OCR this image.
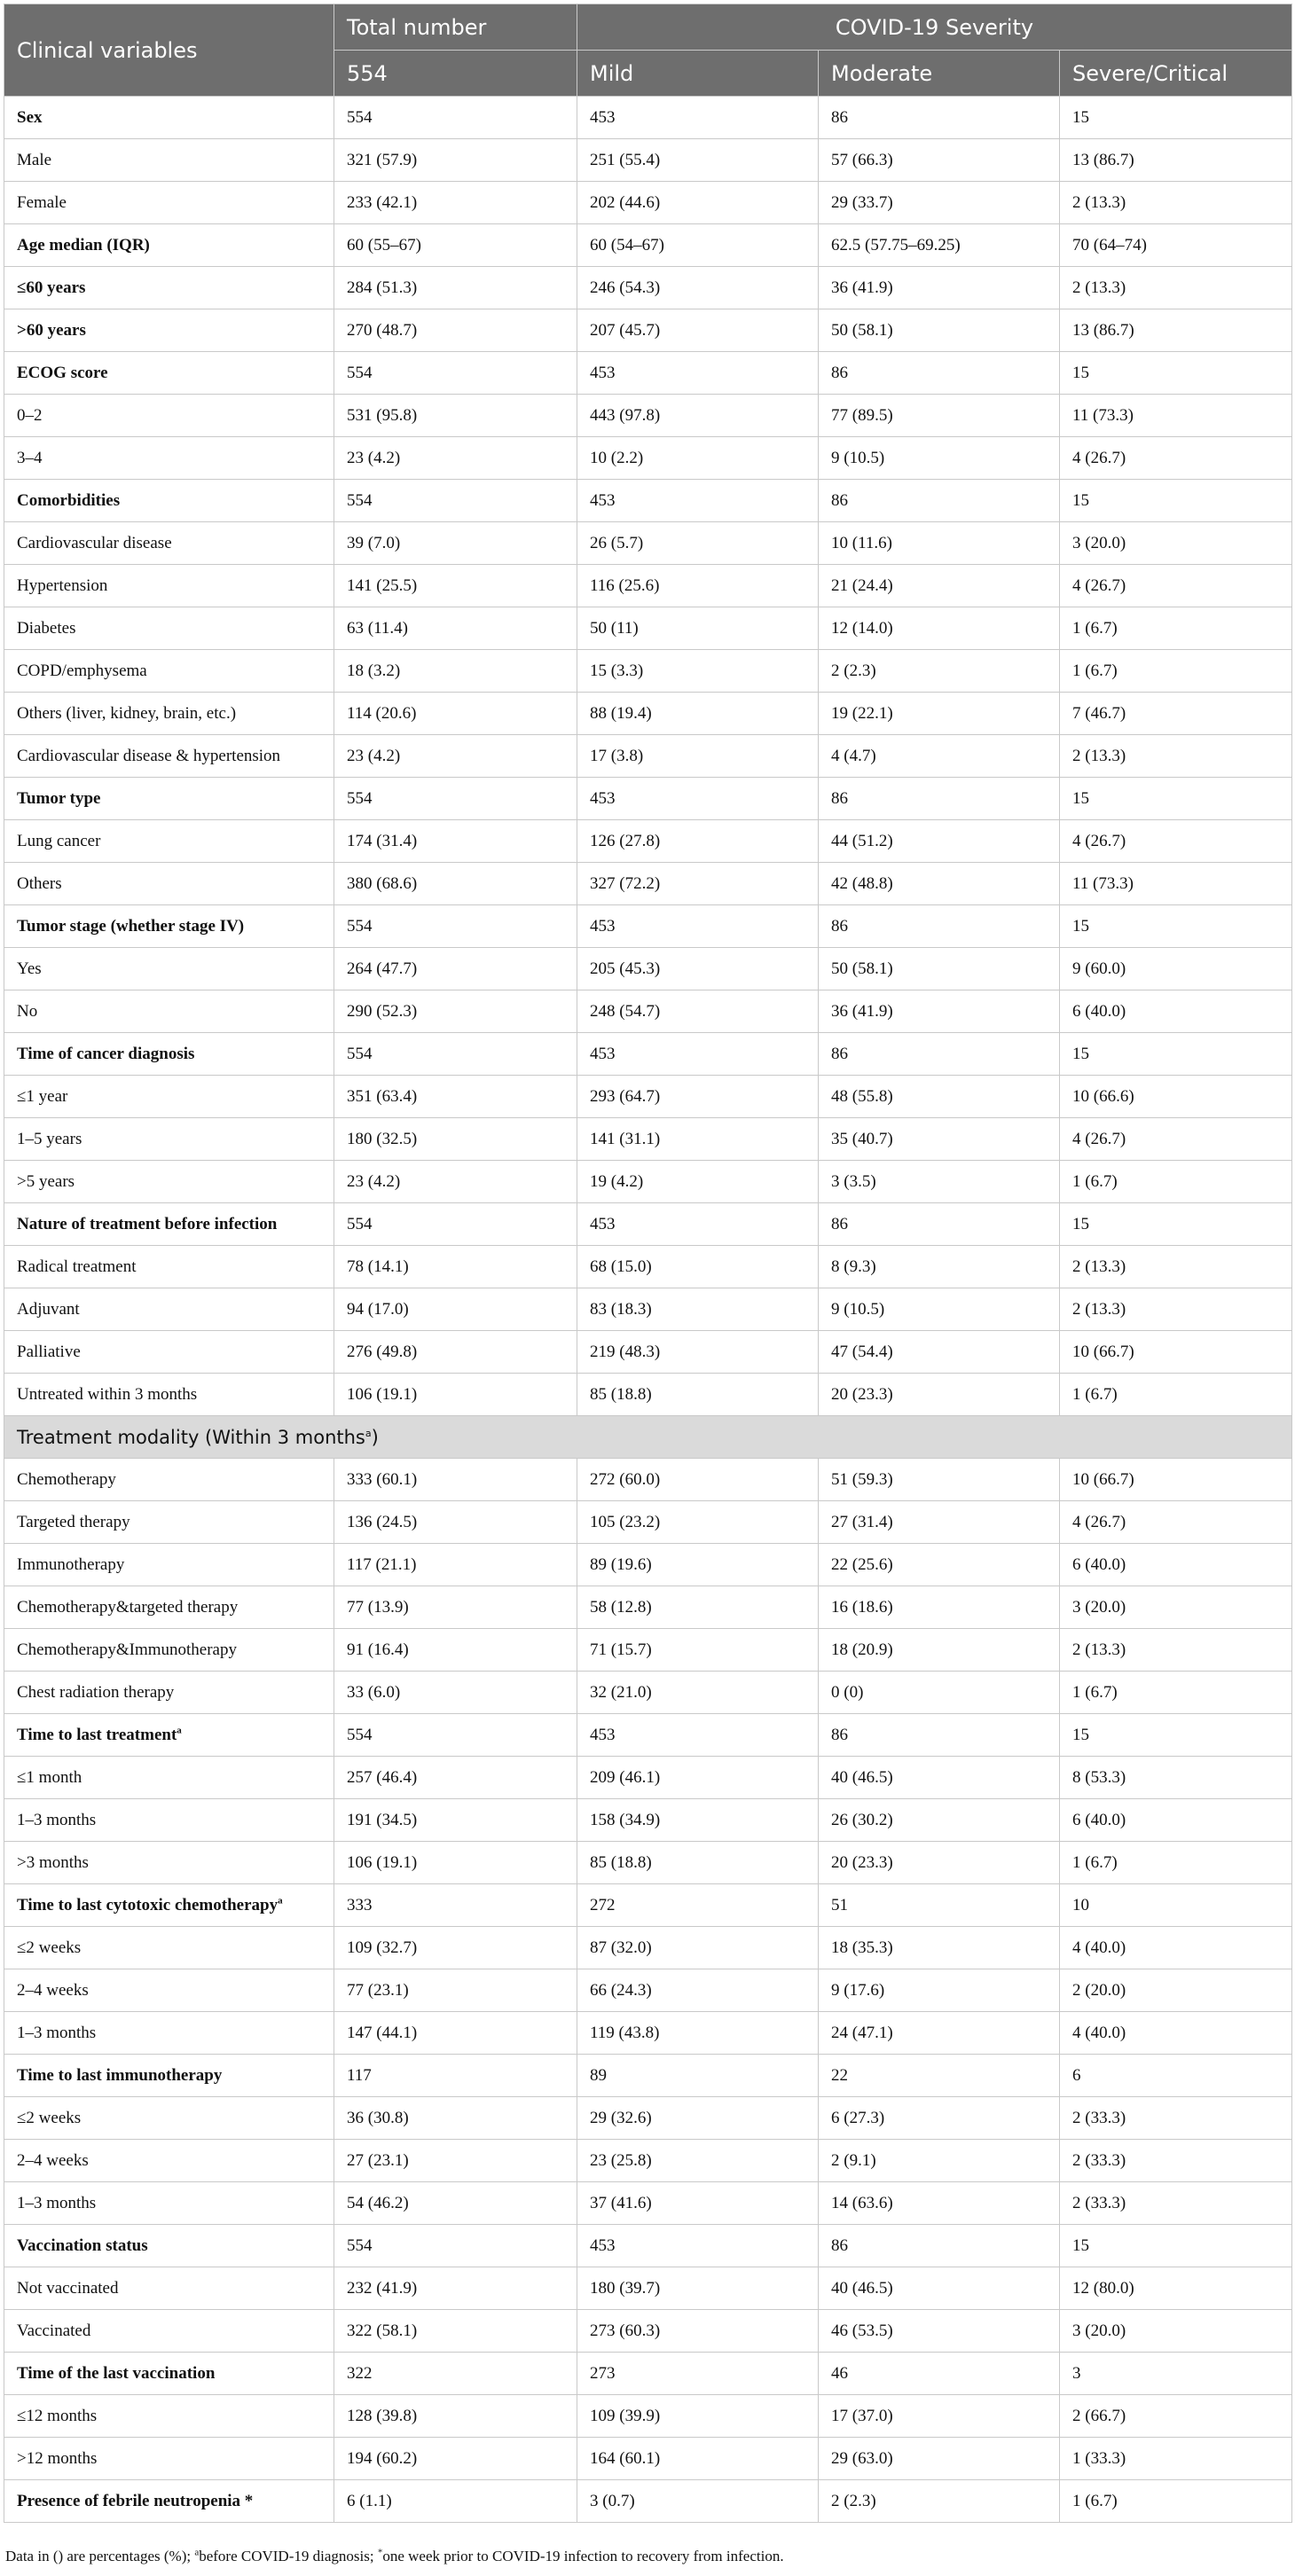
Clinical variables	Total number	COVID-19 Severity		
	554	Mild	Moderate	Severe/Critical
Sex	554	453	86	15
Male	321 (57.9)	251 (55.4)	57 (66.3)	13 (86.7)
Female	233 (42.1)	202 (44.6)	29 (33.7)	2 (13.3)
Age median (IQR)	60 (55–67)	60 (54–67)	62.5 (57.75–69.25)	70 (64–74)
≤60 years	284 (51.3)	246 (54.3)	36 (41.9)	2 (13.3)
>60 years	270 (48.7)	207 (45.7)	50 (58.1)	13 (86.7)
ECOG score	554	453	86	15
0–2	531 (95.8)	443 (97.8)	77 (89.5)	11 (73.3)
3–4	23 (4.2)	10 (2.2)	9 (10.5)	4 (26.7)
Comorbidities	554	453	86	15
Cardiovascular disease	39 (7.0)	26 (5.7)	10 (11.6)	3 (20.0)
Hypertension	141 (25.5)	116 (25.6)	21 (24.4)	4 (26.7)
Diabetes	63 (11.4)	50 (11)	12 (14.0)	1 (6.7)
COPD/emphysema	18 (3.2)	15 (3.3)	2 (2.3)	1 (6.7)
Others (liver, kidney, brain, etc.)	114 (20.6)	88 (19.4)	19 (22.1)	7 (46.7)
Cardiovascular disease & hypertension	23 (4.2)	17 (3.8)	4 (4.7)	2 (13.3)
Tumor type	554	453	86	15
Lung cancer	174 (31.4)	126 (27.8)	44 (51.2)	4 (26.7)
Others	380 (68.6)	327 (72.2)	42 (48.8)	11 (73.3)
Tumor stage (whether stage IV)	554	453	86	15
Yes	264 (47.7)	205 (45.3)	50 (58.1)	9 (60.0)
No	290 (52.3)	248 (54.7)	36 (41.9)	6 (40.0)
Time of cancer diagnosis	554	453	86	15
≤1 year	351 (63.4)	293 (64.7)	48 (55.8)	10 (66.6)
1–5 years	180 (32.5)	141 (31.1)	35 (40.7)	4 (26.7)
>5 years	23 (4.2)	19 (4.2)	3 (3.5)	1 (6.7)
Nature of treatment before infection	554	453	86	15
Radical treatment	78 (14.1)	68 (15.0)	8 (9.3)	2 (13.3)
Adjuvant	94 (17.0)	83 (18.3)	9 (10.5)	2 (13.3)
Palliative	276 (49.8)	219 (48.3)	47 (54.4)	10 (66.7)
Untreated within 3 months	106 (19.1)	85 (18.8)	20 (23.3)	1 (6.7)
Treatment modality (Within 3 months$^a$)				
Chemotherapy	333 (60.1)	272 (60.0)	51 (59.3)	10 (66.7)
Targeted therapy	136 (24.5)	105 (23.2)	27 (31.4)	4 (26.7)
Immunotherapy	117 (21.1)	89 (19.6)	22 (25.6)	6 (40.0)
Chemotherapy&targeted therapy	77 (13.9)	58 (12.8)	16 (18.6)	3 (20.0)
Chemotherapy&Immunotherapy	91 (16.4)	71 (15.7)	18 (20.9)	2 (13.3)
Chest radiation therapy	33 (6.0)	32 (21.0)	0 (0)	1 (6.7)
Time to last treatment$^a$	554	453	86	15
≤1 month	257 (46.4)	209 (46.1)	40 (46.5)	8 (53.3)
1–3 months	191 (34.5)	158 (34.9)	26 (30.2)	6 (40.0)
>3 months	106 (19.1)	85 (18.8)	20 (23.3)	1 (6.7)
Time to last cytotoxic chemotherapy$^a$	333	272	51	10
≤2 weeks	109 (32.7)	87 (32.0)	18 (35.3)	4 (40.0)
2–4 weeks	77 (23.1)	66 (24.3)	9 (17.6)	2 (20.0)
1–3 months	147 (44.1)	119 (43.8)	24 (47.1)	4 (40.0)
Time to last immunotherapy	117	89	22	6
≤2 weeks	36 (30.8)	29 (32.6)	6 (27.3)	2 (33.3)
2–4 weeks	27 (23.1)	23 (25.8)	2 (9.1)	2 (33.3)
1–3 months	54 (46.2)	37 (41.6)	14 (63.6)	2 (33.3)
Vaccination status	554	453	86	15
Not vaccinated	232 (41.9)	180 (39.7)	40 (46.5)	12 (80.0)
Vaccinated	322 (58.1)	273 (60.3)	46 (53.5)	3 (20.0)
Time of the last vaccination	322	273	46	3
≤12 months	128 (39.8)	109 (39.9)	17 (37.0)	2 (66.7)
>12 months	194 (60.2)	164 (60.1)	29 (63.0)	1 (33.3)
Presence of febrile neutropenia *	6 (1.1)	3 (0.7)	2 (2.3)	1 (6.7)
Data in () are percentages (%); $^a$before COVID-19 diagnosis; *one week prior to COVID-19 infection to recovery from infection.
